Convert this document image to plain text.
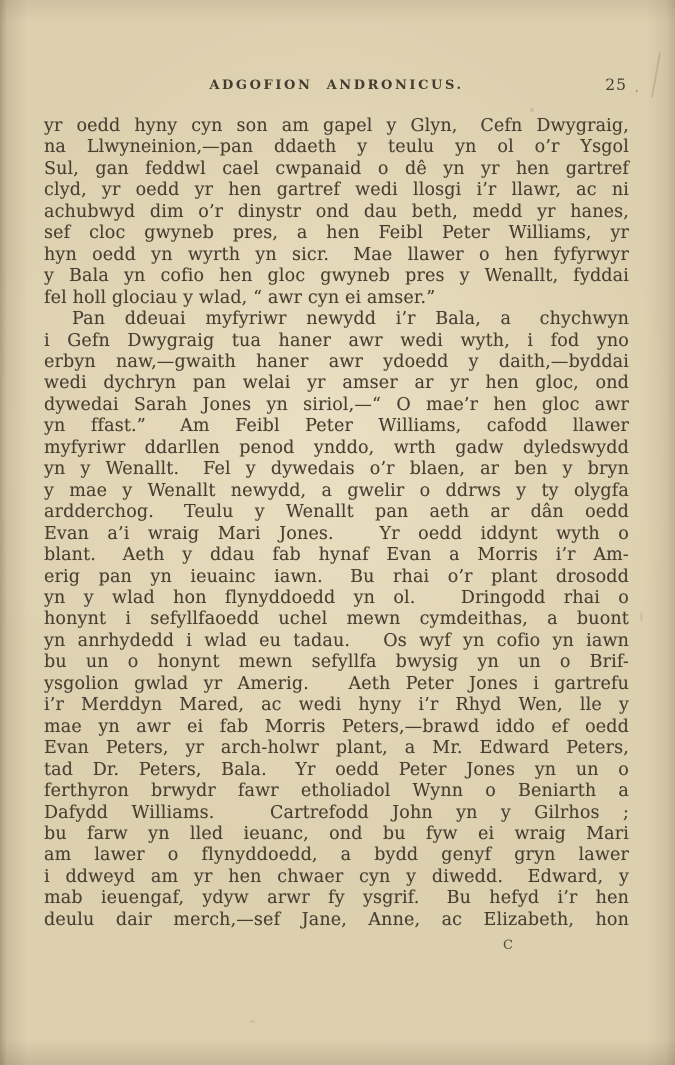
ADGOFION ANDRONICUS.	25 .
yr oedd hyny cyn son am gapel y Glyn,  Cefn Dwygraig,
na Llwyneinion,—pan ddaeth y teulu yn ol o’r Ysgol
Sul, gan feddwl cael cwpanaid o dê yn yr hen gartref
clyd, yr oedd yr hen gartref wedi llosgi i’r llawr, ac ni
achubwyd dim o’r dinystr ond dau beth, medd yr hanes,
sef cloc gwyneb pres, a hen Feibl Peter Williams, yr
hyn oedd yn wyrth yn sicr.  Mae llawer o hen fyfyrwyr
y Bala yn cofio hen gloc gwyneb pres y Wenallt, fyddai
fel holl glociau y wlad, “ awr cyn ei amser.”
Pan ddeuai myfyriwr newydd i’r Bala, a  chychwyn
i Gefn Dwygraig tua haner awr wedi wyth, i fod yno
erbyn naw,—gwaith haner awr ydoedd y daith,—byddai
wedi dychryn pan welai yr amser ar yr hen gloc, ond
dywedai Sarah Jones yn siriol,—“ O mae’r hen gloc awr
yn ffast.”  Am Feibl Peter Williams, cafodd llawer
myfyriwr ddarllen penod ynddo, wrth gadw dyledswydd
yn y Wenallt.  Fel y dywedais o’r blaen, ar ben y bryn
y mae y Wenallt newydd, a gwelir o ddrws y ty olygfa
ardderchog.  Teulu y Wenallt pan aeth ar dân oedd
Evan a’i wraig Mari Jones.   Yr oedd iddynt wyth o
blant.  Aeth y ddau fab hynaf Evan a Morris i’r Am-
erig pan yn ieuainc iawn.  Bu rhai o’r plant drosodd
yn y wlad hon flynyddoedd yn ol.   Dringodd rhai o
honynt i sefyllfaoedd uchel mewn cymdeithas, a buont
yn anrhydedd i wlad eu tadau.   Os wyf yn cofio yn iawn
bu un o honynt mewn sefyllfa bwysig yn un o Brif-
ysgolion gwlad yr Amerig.   Aeth Peter Jones i gartrefu
i’r Merddyn Mared, ac wedi hyny i’r Rhyd Wen, lle y
mae yn awr ei fab Morris Peters,—brawd iddo ef oedd
Evan Peters, yr arch-holwr plant, a Mr. Edward Peters,
tad Dr. Peters, Bala.  Yr oedd Peter Jones yn un o
ferthyron brwydr fawr etholiadol Wynn o Beniarth a
Dafydd Williams.   Cartrefodd John yn y Gilrhos ;
bu farw yn lled ieuanc, ond bu fyw ei wraig Mari
am lawer o flynyddoedd, a bydd genyf gryn lawer
i ddweyd am yr hen chwaer cyn y diwedd.  Edward, y
mab ieuengaf, ydyw arwr fy ysgrif.  Bu hefyd i’r hen
deulu dair merch,—sef Jane, Anne, ac Elizabeth, hon
C
